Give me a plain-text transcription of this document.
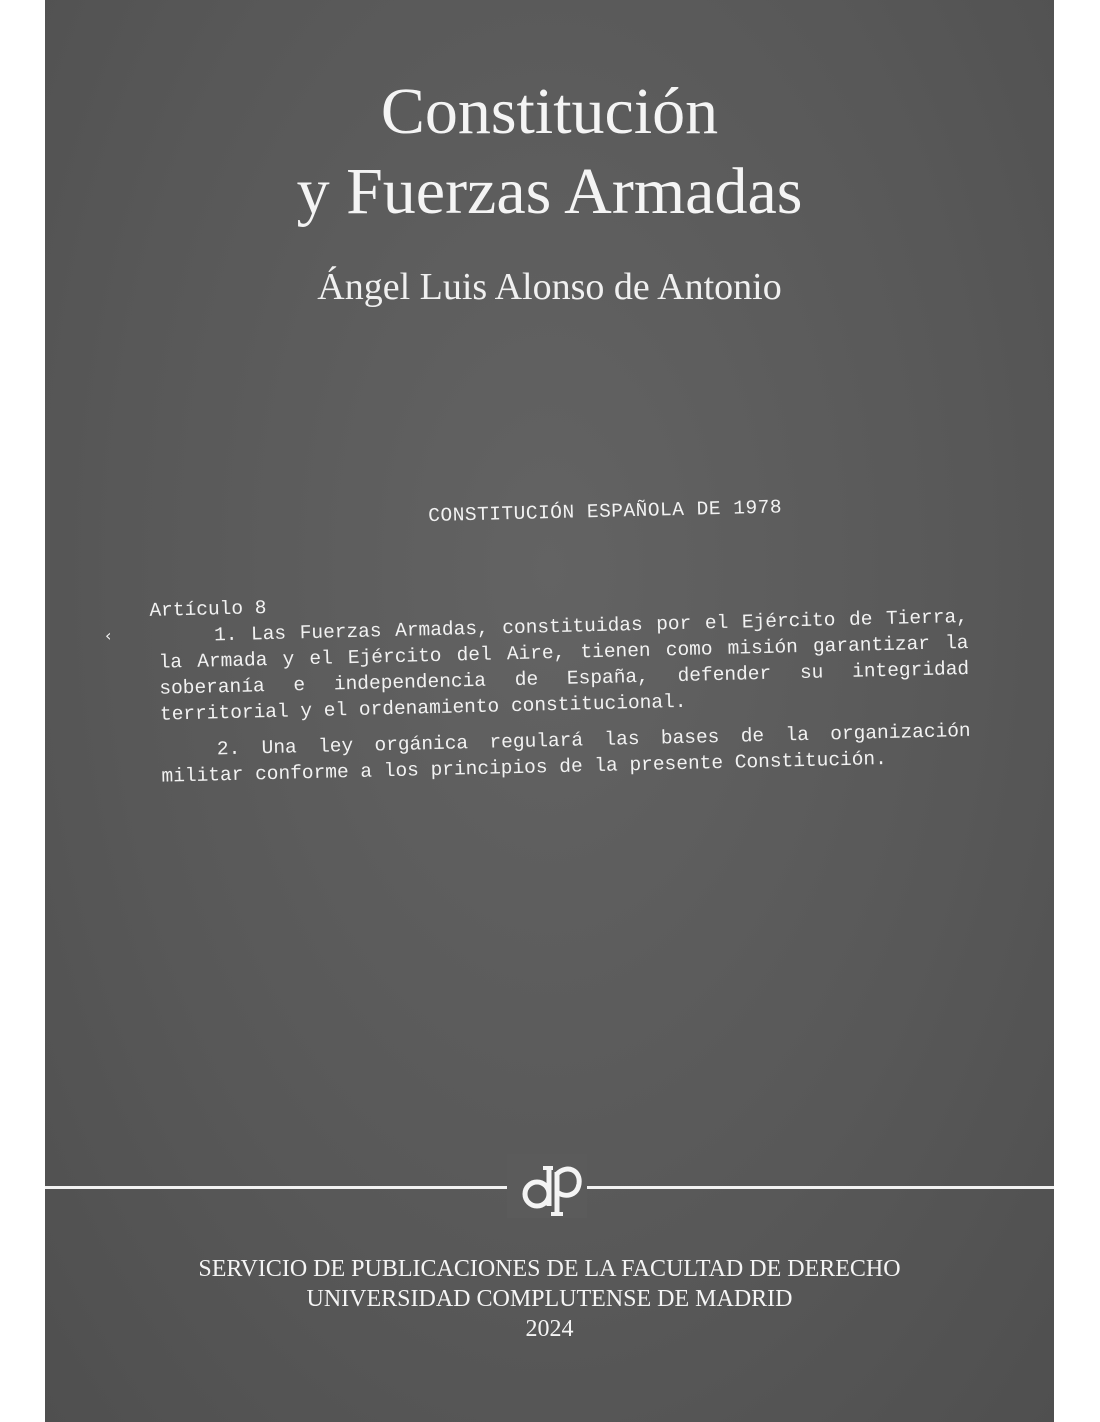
Constitución
y Fuerzas Armadas
Ángel Luis Alonso de Antonio
‹
CONSTITUCIÓN ESPAÑOLA DE 1978
Artículo 8
1. Las Fuerzas Armadas, constituidas por el Ejército de Tierra, la Armada y el Ejército del Aire, tienen como misión garantizar la soberanía e independencia de España, defender su integridad territorial y el ordenamiento constitucional.
2. Una ley orgánica regulará las bases de la organización militar conforme a los principios de la presente Constitución.
SERVICIO DE PUBLICACIONES DE LA FACULTAD DE DERECHO
UNIVERSIDAD COMPLUTENSE DE MADRID
2024
